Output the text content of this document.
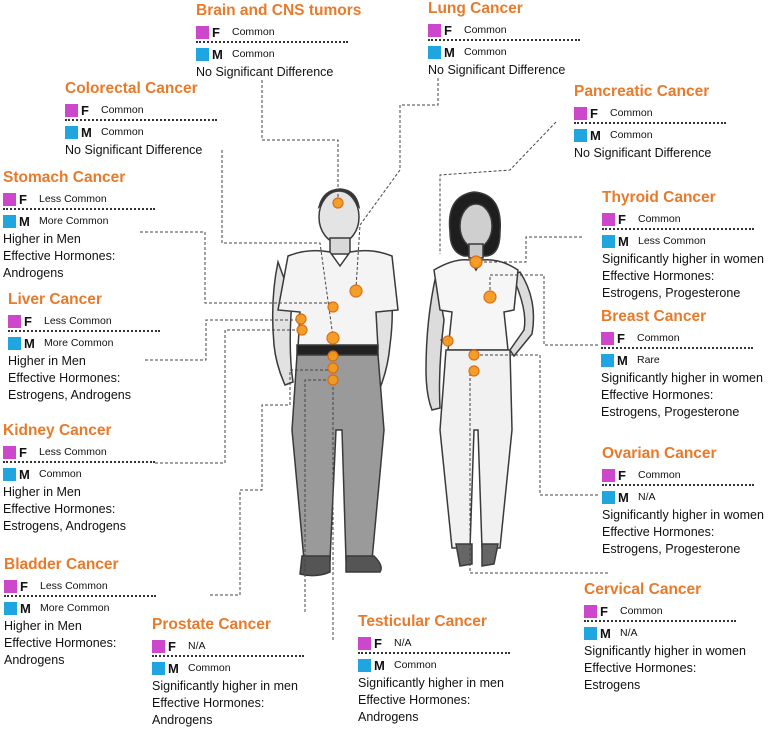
Brain and CNS tumors
F	Common
M Common
No Significant Difference
Lung Cancer
F	Common
M Common
No Significant Difference
Colorectal Cancer
F	Common
M Common
No Significant Difference
Pancreatic Cancer
F	Common
M Common
No Significant Difference
Stomach Cancer
F	Less Common
M More Common
Higher in Men
Effective Hormones:
Androgens
Thyroid Cancer
F	Common
M Less Common
Significantly higher in women
Effective Hormones:
Estrogens, Progesterone
Liver Cancer
F	Less Common
M More Common
Higher in Men
Effective Hormones:
Estrogens, Androgens
Breast Cancer
F	Common
M Rare
Significantly higher in women
Effective Hormones:
Estrogens, Progesterone
Kidney Cancer
F	Less Common
M Common
Higher in Men
Effective Hormones:
Estrogens, Androgens
Ovarian Cancer
F	Common
M N/A
Significantly higher in women
Effective Hormones:
Estrogens, Progesterone
Bladder Cancer
F	Less Common
M More Common
Higher in Men
Effective Hormones:
Androgens
Cervical Cancer
F	Common
M N/A
Significantly higher in women
Effective Hormones:
Estrogens
Prostate Cancer
F	N/A
M Common
Significantly higher in men
Effective Hormones:
Androgens
Testicular Cancer
F	N/A
M Common
Significantly higher in men
Effective Hormones:
Androgens
